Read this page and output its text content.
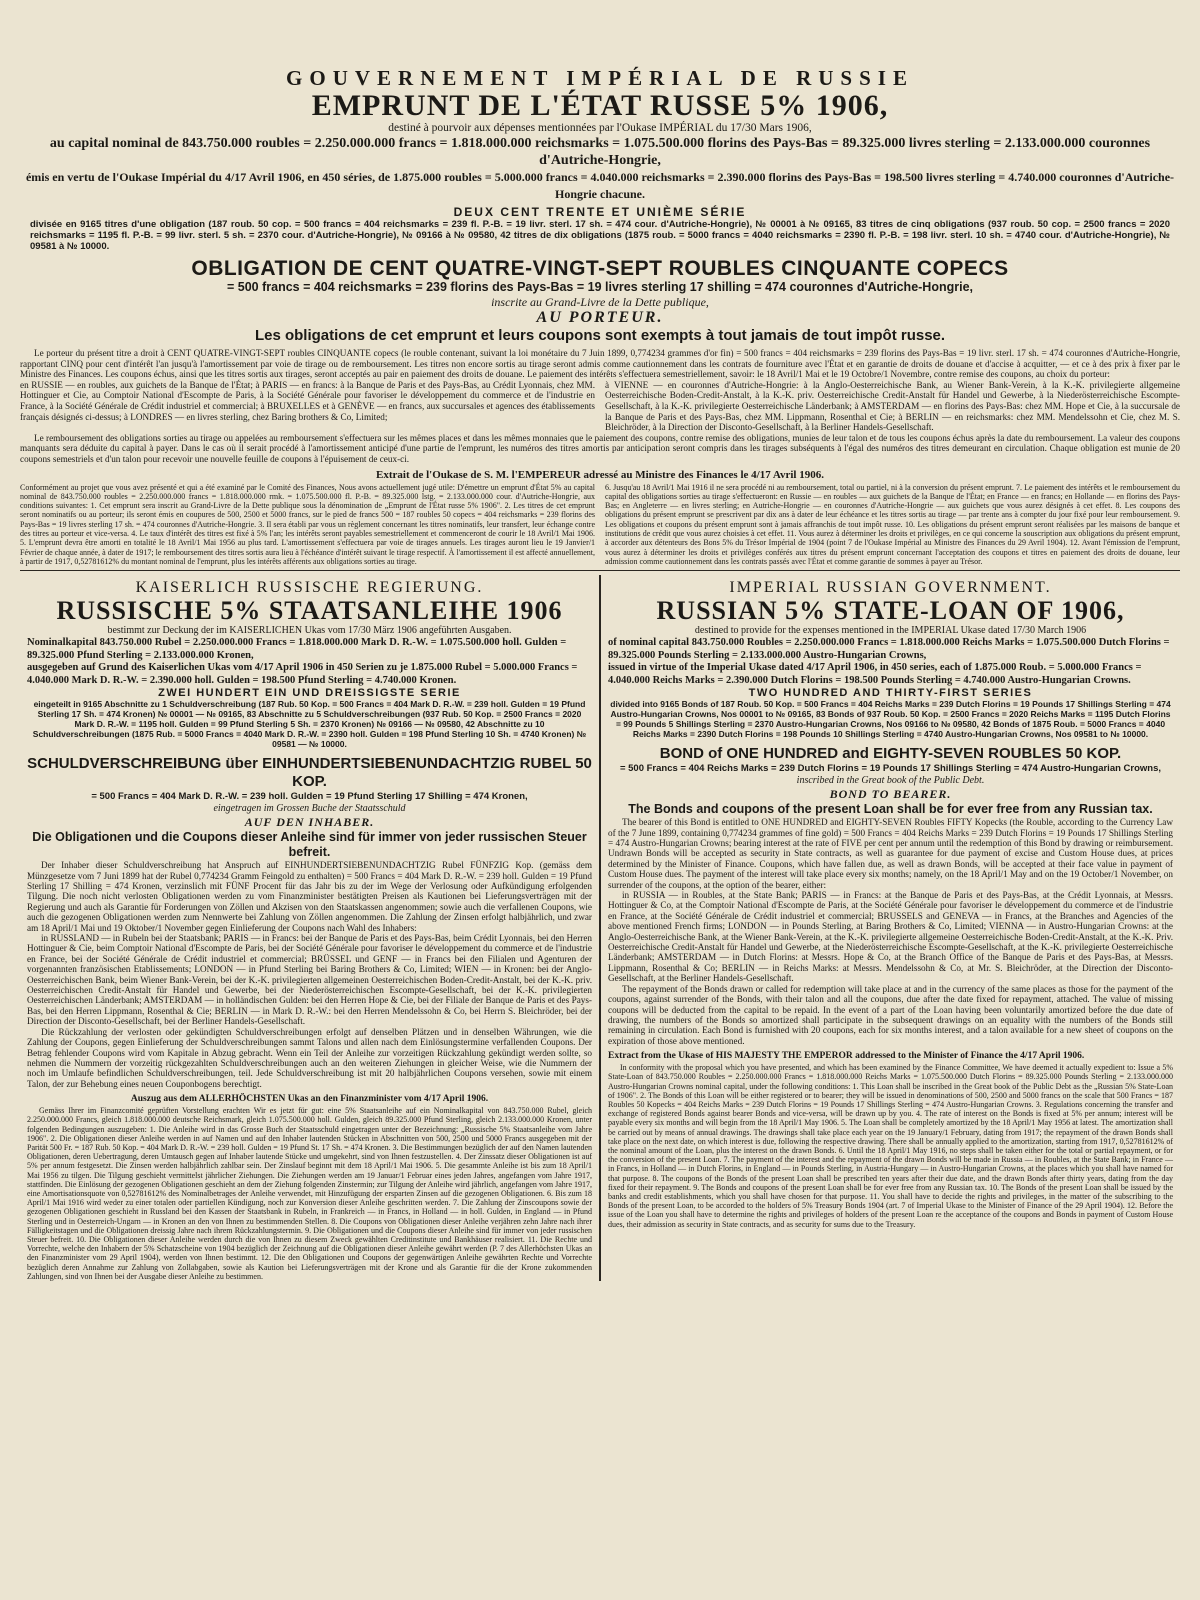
GOUVERNEMENT IMPÉRIAL DE RUSSIE
EMPRUNT DE L'ÉTAT RUSSE 5% 1906,
destiné à pourvoir aux dépenses mentionnées par l'Oukase IMPÉRIAL du 17/30 Mars 1906,
au capital nominal de 843.750.000 roubles = 2.250.000.000 francs = 1.818.000.000 reichsmarks = 1.075.500.000 florins des Pays-Bas = 89.325.000 livres sterling = 2.133.000.000 couronnes d'Autriche-Hongrie,
émis en vertu de l'Oukase Impérial du 4/17 Avril 1906, en 450 séries, de 1.875.000 roubles = 5.000.000 francs = 4.040.000 reichsmarks = 2.390.000 florins des Pays-Bas = 198.500 livres sterling = 4.740.000 couronnes d'Autriche-Hongrie chacune.
DEUX CENT TRENTE ET UNIÈME SÉRIE
divisée en 9165 titres d'une obligation (187 roub. 50 cop. = 500 francs = 404 reichsmarks = 239 fl. P.-B. = 19 livr. sterl. 17 sh. = 474 cour. d'Autriche-Hongrie), № 00001 à № 09165, 83 titres de cinq obligations (937 roub. 50 cop. = 2500 francs = 2020 reichsmarks = 1195 fl. P.-B. = 99 livr. sterl. 5 sh. = 2370 cour. d'Autriche-Hongrie), № 09166 à № 09580, 42 titres de dix obligations (1875 roub. = 5000 francs = 4040 reichsmarks = 2390 fl. P.-B. = 198 livr. sterl. 10 sh. = 4740 cour. d'Autriche-Hongrie), № 09581 à № 10000.
OBLIGATION DE CENT QUATRE-VINGT-SEPT ROUBLES CINQUANTE COPECS
= 500 francs = 404 reichsmarks = 239 florins des Pays-Bas = 19 livres sterling 17 shilling = 474 couronnes d'Autriche-Hongrie,
inscrite au Grand-Livre de la Dette publique,
AU PORTEUR.
Les obligations de cet emprunt et leurs coupons sont exempts à tout jamais de tout impôt russe.

Le porteur du présent titre a droit à CENT QUATRE-VINGT-SEPT roubles CINQUANTE copecs (le rouble contenant, suivant la loi monétaire du 7 Juin 1899, 0,774234 grammes d'or fin) = 500 francs = 404 reichsmarks = 239 florins des Pays-Bas = 19 livr. sterl. 17 sh. = 474 couronnes d'Autriche-Hongrie, rapportant CINQ pour cent d'intérêt l'an jusqu'à l'amortissement par voie de tirage ou de remboursement. Les titres non encore sortis au tirage seront admis comme cautionnement dans les contrats de fourniture avec l'État et en garantie de droits de douane et d'accise à acquitter, — et ce à des prix à fixer par le Ministre des Finances. Les coupons échus, ainsi que les titres sortis aux tirages, seront acceptés au pair en paiement des droits de douane. Le paiement des intérêts s'effectuera semestriellement, savoir: le 18 Avril/1 Mai et le 19 Octobre/1 Novembre, contre remise des coupons, au choix du porteur:

en RUSSIE — en roubles, aux guichets de la Banque de l'État; à PARIS — en francs: à la Banque de Paris et des Pays-Bas, au Crédit Lyonnais, chez MM. Hottinguer et Cie, au Comptoir National d'Escompte de Paris, à la Société Générale pour favoriser le développement du commerce et de l'industrie en France, à la Société Générale de Crédit industriel et commercial; à BRUXELLES et à GENÈVE — en francs, aux succursales et agences des établissements français désignés ci-dessus; à LONDRES — en livres sterling, chez Baring brothers & Co, Limited;
à VIENNE — en couronnes d'Autriche-Hongrie: à la Anglo-Oesterreichische Bank, au Wiener Bank-Verein, à la K.-K. privilegierte allgemeine Oesterreichische Boden-Credit-Anstalt, à la K.-K. priv. Oesterreichische Credit-Anstalt für Handel und Gewerbe, à la Niederösterreichische Escompte-Gesellschaft, à la K.-K. privilegierte Oesterreichische Länderbank; à AMSTERDAM — en florins des Pays-Bas: chez MM. Hope et Cie, à la succursale de la Banque de Paris et des Pays-Bas, chez MM. Lippmann, Rosenthal et Cie; à BERLIN — en reichsmarks: chez MM. Mendelssohn et Cie, chez M. S. Bleichröder, à la Direction der Disconto-Gesellschaft, à la Berliner Handels-Gesellschaft.

Le remboursement des obligations sorties au tirage ou appelées au remboursement s'effectuera sur les mêmes places et dans les mêmes monnaies que le paiement des coupons, contre remise des obligations, munies de leur talon et de tous les coupons échus après la date du remboursement. La valeur des coupons manquants sera déduite du capital à payer. Dans le cas où il serait procédé à l'amortissement anticipé d'une partie de l'emprunt, les numéros des titres amortis par anticipation seront compris dans les tirages subséquents à l'égal des numéros des titres demeurant en circulation. Chaque obligation est munie de 20 coupons semestriels et d'un talon pour recevoir une nouvelle feuille de coupons à l'épuisement de ceux-ci.

Extrait de l'Oukase de S. M. l'EMPEREUR adressé au Ministre des Finances le 4/17 Avril 1906.
Conformément au projet que vous avez présenté et qui a été examiné par le Comité des Finances, Nous avons actuellement jugé utile: D'émettre un emprunt d'État 5% au capital nominal de 843.750.000 roubles = 2.250.000.000 francs = 1.818.000.000 rmk. = 1.075.500.000 fl. P.-B. = 89.325.000 lstg. = 2.133.000.000 cour. d'Autriche-Hongrie, aux conditions suivantes: 1. Cet emprunt sera inscrit au Grand-Livre de la Dette publique sous la dénomination de „Emprunt de l'État russe 5% 1906". 2. Les titres de cet emprunt seront nominatifs ou au porteur; ils seront émis en coupures de 500, 2500 et 5000 francs, sur le pied de francs 500 = 187 roubles 50 copecs = 404 reichsmarks = 239 florins des Pays-Bas = 19 livres sterling 17 sh. = 474 couronnes d'Autriche-Hongrie. 3. Il sera établi par vous un règlement concernant les titres nominatifs, leur transfert, leur échange contre des titres au porteur et vice-versa. 4. Le taux d'intérêt des titres est fixé à 5% l'an; les intérêts seront payables semestriellement et commenceront de courir le 18 Avril/1 Mai 1906. 5. L'emprunt devra être amorti en totalité le 18 Avril/1 Mai 1956 au plus tard. L'amortissement s'effectuera par voie de tirages annuels. Les tirages auront lieu le 19 Janvier/1 Février de chaque année, à dater de 1917; le remboursement des titres sortis aura lieu à l'échéance d'intérêt suivant le tirage respectif. À l'amortissement il est affecté annuellement, à partir de 1917, 0,52781612% du montant nominal de l'emprunt, plus les intérêts afférents aux obligations sorties au tirage.
6. Jusqu'au 18 Avril/1 Mai 1916 il ne sera procédé ni au remboursement, total ou partiel, ni à la conversion du présent emprunt. 7. Le paiement des intérêts et le remboursement du capital des obligations sorties au tirage s'effectueront: en Russie — en roubles — aux guichets de la Banque de l'État; en France — en francs; en Hollande — en florins des Pays-Bas; en Angleterre — en livres sterling; en Autriche-Hongrie — en couronnes d'Autriche-Hongrie — aux guichets que vous aurez désignés à cet effet. 8. Les coupons des obligations du présent emprunt se prescrivent par dix ans à dater de leur échéance et les titres sortis au tirage — par trente ans à compter du jour fixé pour leur remboursement. 9. Les obligations et coupons du présent emprunt sont à jamais affranchis de tout impôt russe. 10. Les obligations du présent emprunt seront réalisées par les maisons de banque et institutions de crédit que vous aurez choisies à cet effet. 11. Vous aurez à déterminer les droits et privilèges, en ce qui concerne la souscription aux obligations du présent emprunt, à accorder aux détenteurs des Bons 5% du Trésor Impérial de 1904 (point 7 de l'Oukase Impérial au Ministre des Finances du 29 Avril 1904). 12. Avant l'émission de l'emprunt, vous aurez à déterminer les droits et privilèges conférés aux titres du présent emprunt concernant l'acceptation des coupons et titres en paiement des droits de douane, leur admission comme cautionnement dans les contrats passés avec l'État et comme garantie de sommes à payer au Trésor.
KAISERLICH RUSSISCHE REGIERUNG.
RUSSISCHE 5% STAATSANLEIHE 1906
bestimmt zur Deckung der im KAISERLICHEN Ukas vom 17/30 März 1906 angeführten Ausgaben.
Nominalkapital 843.750.000 Rubel = 2.250.000.000 Francs = 1.818.000.000 Mark D. R.-W. = 1.075.500.000 holl. Gulden = 89.325.000 Pfund Sterling = 2.133.000.000 Kronen,
ausgegeben auf Grund des Kaiserlichen Ukas vom 4/17 April 1906 in 450 Serien zu je 1.875.000 Rubel = 5.000.000 Francs = 4.040.000 Mark D. R.-W. = 2.390.000 holl. Gulden = 198.500 Pfund Sterling = 4.740.000 Kronen.
ZWEI HUNDERT EIN UND DREISSIGSTE SERIE
eingeteilt in 9165 Abschnitte zu 1 Schuldverschreibung (187 Rub. 50 Kop. = 500 Francs = 404 Mark D. R.-W. = 239 holl. Gulden = 19 Pfund Sterling 17 Sh. = 474 Kronen) № 00001 — № 09165, 83 Abschnitte zu 5 Schuldverschreibungen (937 Rub. 50 Kop. = 2500 Francs = 2020 Mark D. R.-W. = 1195 holl. Gulden = 99 Pfund Sterling 5 Sh. = 2370 Kronen) № 09166 — № 09580, 42 Abschnitte zu 10 Schuldverschreibungen (1875 Rub. = 5000 Francs = 4040 Mark D. R.-W. = 2390 holl. Gulden = 198 Pfund Sterling 10 Sh. = 4740 Kronen) № 09581 — № 10000.
SCHULDVERSCHREIBUNG über EINHUNDERTSIEBENUNDACHTZIG RUBEL 50 KOP.
= 500 Francs = 404 Mark D. R.-W. = 239 holl. Gulden = 19 Pfund Sterling 17 Shilling = 474 Kronen,
eingetragen im Grossen Buche der Staatsschuld
AUF DEN INHABER.
Die Obligationen und die Coupons dieser Anleihe sind für immer von jeder russischen Steuer befreit.

Der Inhaber dieser Schuldverschreibung hat Anspruch auf EINHUNDERTSIEBENUNDACHTZIG Rubel FÜNFZIG Kop. (gemäss dem Münzgesetze vom 7 Juni 1899 hat der Rubel 0,774234 Gramm Feingold zu enthalten) = 500 Francs = 404 Mark D. R.-W. = 239 holl. Gulden = 19 Pfund Sterling 17 Shilling = 474 Kronen, verzinslich mit FÜNF Procent für das Jahr bis zu der im Wege der Verlosung oder Aufkündigung erfolgenden Tilgung. Die noch nicht verlosten Obligationen werden zu vom Finanzminister bestätigten Preisen als Kautionen bei Lieferungsverträgen mit der Regierung und auch als Garantie für Forderungen von Zöllen und Akzisen von den Staatskassen angenommen; sowie auch die verfallenen Coupons, wie auch die gezogenen Obligationen werden zum Nennwerte bei Zahlung von Zöllen angenommen. Die Zahlung der Zinsen erfolgt halbjährlich, und zwar am 18 April/1 Mai und 19 Oktober/1 November gegen Einlieferung der Coupons nach Wahl des Inhabers:

in RUSSLAND — in Rubeln bei der Staatsbank; PARIS — in Francs: bei der Banque de Paris et des Pays-Bas, beim Crédit Lyonnais, bei den Herren Hottinguer & Cie, beim Comptoir National d'Escompte de Paris, bei der Société Générale pour favoriser le développement du commerce et de l'industrie en France, bei der Société Générale de Crédit industriel et commercial; BRÜSSEL und GENF — in Francs bei den Filialen und Agenturen der vorgenannten französischen Etablissements; LONDON — in Pfund Sterling bei Baring Brothers & Co, Limited; WIEN — in Kronen: bei der Anglo-Oesterreichischen Bank, beim Wiener Bank-Verein, bei der K.-K. privilegierten allgemeinen Oesterreichischen Boden-Credit-Anstalt, bei der K.-K. priv. Oesterreichischen Credit-Anstalt für Handel und Gewerbe, bei der Niederösterreichischen Escompte-Gesellschaft, bei der K.-K. privilegierten Oesterreichischen Länderbank; AMSTERDAM — in holländischen Gulden: bei den Herren Hope & Cie, bei der Filiale der Banque de Paris et des Pays-Bas, bei den Herren Lippmann, Rosenthal & Cie; BERLIN — in Mark D. R.-W.: bei den Herren Mendelssohn & Co, bei Herrn S. Bleichröder, bei der Direction der Disconto-Gesellschaft, bei der Berliner Handels-Gesellschaft.

Die Rückzahlung der verlosten oder gekündigten Schuldverschreibungen erfolgt auf denselben Plätzen und in denselben Währungen, wie die Zahlung der Coupons, gegen Einlieferung der Schuldverschreibungen sammt Talons und allen nach dem Einlösungstermine verfallenden Coupons. Der Betrag fehlender Coupons wird vom Kapitale in Abzug gebracht. Wenn ein Teil der Anleihe zur vorzeitigen Rückzahlung gekündigt werden sollte, so nehmen die Nummern der vorzeitig rückgezahlten Schuldverschreibungen auch an den weiteren Ziehungen in gleicher Weise, wie die Nummern der noch im Umlaufe befindlichen Schuldverschreibungen, teil. Jede Schuldverschreibung ist mit 20 halbjährlichen Coupons versehen, sowie mit einem Talon, der zur Behebung eines neuen Couponbogens berechtigt.

Auszug aus dem ALLERHÖCHSTEN Ukas an den Finanzminister vom 4/17 April 1906.

Gemäss Ihrer im Finanzcomité geprüften Vorstellung erachten Wir es jetzt für gut: eine 5% Staatsanleihe auf ein Nominalkapital von 843.750.000 Rubel, gleich 2.250.000.000 Francs, gleich 1.818.000.000 deutsche Reichsmark, gleich 1.075.500.000 holl. Gulden, gleich 89.325.000 Pfund Sterling, gleich 2.133.000.000 Kronen, unter folgenden Bedingungen auszugeben: 1. Die Anleihe wird in das Grosse Buch der Staatsschuld eingetragen unter der Bezeichnung: „Russische 5% Staatsanleihe vom Jahre 1906". 2. Die Obligationen dieser Anleihe werden in auf Namen und auf den Inhaber lautenden Stücken in Abschnitten von 500, 2500 und 5000 Francs ausgegeben mit der Parität 500 Fr. = 187 Rub. 50 Kop. = 404 Mark D. R.-W. = 239 holl. Gulden = 19 Pfund St. 17 Sh. = 474 Kronen. 3. Die Bestimmungen bezüglich der auf den Namen lautenden Obligationen, deren Uebertragung, deren Umtausch gegen auf Inhaber lautende Stücke und umgekehrt, sind von Ihnen festzustellen. 4. Der Zinssatz dieser Obligationen ist auf 5% per annum festgesetzt. Die Zinsen werden halbjährlich zahlbar sein. Der Zinslauf beginnt mit dem 18 April/1 Mai 1906. 5. Die gesammte Anleihe ist bis zum 18 April/1 Mai 1956 zu tilgen. Die Tilgung geschieht vermittelst jährlicher Ziehungen. Die Ziehungen werden am 19 Januar/1 Februar eines jeden Jahres, angefangen vom Jahre 1917, stattfinden. Die Einlösung der gezogenen Obligationen geschieht an dem der Ziehung folgenden Zinstermin; zur Tilgung der Anleihe wird jährlich, angefangen vom Jahre 1917, eine Amortisationsquote von 0,52781612% des Nominalbetrages der Anleihe verwendet, mit Hinzufügung der ersparten Zinsen auf die gezogenen Obligationen. 6. Bis zum 18 April/1 Mai 1916 wird weder zu einer totalen oder partiellen Kündigung, noch zur Konversion dieser Anleihe geschritten werden. 7. Die Zahlung der Zinscoupons sowie der gezogenen Obligationen geschieht in Russland bei den Kassen der Staatsbank in Rubeln, in Frankreich — in Francs, in Holland — in holl. Gulden, in England — in Pfund Sterling und in Oesterreich-Ungarn — in Kronen an den von Ihnen zu bestimmenden Stellen. 8. Die Coupons von Obligationen dieser Anleihe verjähren zehn Jahre nach ihrer Fälligkeitstagen und die Obligationen dreissig Jahre nach ihrem Rückzahlungstermin. 9. Die Obligationen und die Coupons dieser Anleihe sind für immer von jeder russischen Steuer befreit. 10. Die Obligationen dieser Anleihe werden durch die von Ihnen zu diesem Zweck gewählten Creditinstitute und Bankhäuser realisiert. 11. Die Rechte und Vorrechte, welche den Inhabern der 5% Schatzscheine von 1904 bezüglich der Zeichnung auf die Obligationen dieser Anleihe gewährt werden (P. 7 des Allerhöchsten Ukas an den Finanzminister vom 29 April 1904), werden von Ihnen bestimmt. 12. Die den Obligationen und Coupons der gegenwärtigen Anleihe gewährten Rechte und Vorrechte bezüglich deren Annahme zur Zahlung von Zollabgaben, sowie als Kaution bei Lieferungsverträgen mit der Krone und als Garantie für die der Krone zukommenden Zahlungen, sind von Ihnen bei der Ausgabe dieser Anleihe zu bestimmen.

IMPERIAL RUSSIAN GOVERNMENT.
RUSSIAN 5% STATE-LOAN OF 1906,
destined to provide for the expenses mentioned in the IMPERIAL Ukase dated 17/30 March 1906
of nominal capital 843.750.000 Roubles = 2.250.000.000 Francs = 1.818.000.000 Reichs Marks = 1.075.500.000 Dutch Florins = 89.325.000 Pounds Sterling = 2.133.000.000 Austro-Hungarian Crowns,
issued in virtue of the Imperial Ukase dated 4/17 April 1906, in 450 series, each of 1.875.000 Roub. = 5.000.000 Francs = 4.040.000 Reichs Marks = 2.390.000 Dutch Florins = 198.500 Pounds Sterling = 4.740.000 Austro-Hungarian Crowns.
TWO HUNDRED AND THIRTY-FIRST SERIES
divided into 9165 Bonds of 187 Roub. 50 Kop. = 500 Francs = 404 Reichs Marks = 239 Dutch Florins = 19 Pounds 17 Shillings Sterling = 474 Austro-Hungarian Crowns, Nos 00001 to № 09165, 83 Bonds of 937 Roub. 50 Kop. = 2500 Francs = 2020 Reichs Marks = 1195 Dutch Florins = 99 Pounds 5 Shillings Sterling = 2370 Austro-Hungarian Crowns, Nos 09166 to № 09580, 42 Bonds of 1875 Roub. = 5000 Francs = 4040 Reichs Marks = 2390 Dutch Florins = 198 Pounds 10 Shillings Sterling = 4740 Austro-Hungarian Crowns, Nos 09581 to № 10000.
BOND of ONE HUNDRED and EIGHTY-SEVEN ROUBLES 50 KOP.
= 500 Francs = 404 Reichs Marks = 239 Dutch Florins = 19 Pounds 17 Shillings Sterling = 474 Austro-Hungarian Crowns,
inscribed in the Great book of the Public Debt.
BOND TO BEARER.
The Bonds and coupons of the present Loan shall be for ever free from any Russian tax.

The bearer of this Bond is entitled to ONE HUNDRED and EIGHTY-SEVEN Roubles FIFTY Kopecks (the Rouble, according to the Currency Law of the 7 June 1899, containing 0,774234 grammes of fine gold) = 500 Francs = 404 Reichs Marks = 239 Dutch Florins = 19 Pounds 17 Shillings Sterling = 474 Austro-Hungarian Crowns; bearing interest at the rate of FIVE per cent per annum until the redemption of this Bond by drawing or reimbursement. Undrawn Bonds will be accepted as security in State contracts, as well as guarantee for due payment of excise and Custom House dues, at prices determined by the Minister of Finance. Coupons, which have fallen due, as well as drawn Bonds, will be accepted at their face value in payment of Custom House dues. The payment of the interest will take place every six months; namely, on the 18 April/1 May and on the 19 October/1 November, on surrender of the coupons, at the option of the bearer, either:

in RUSSIA — in Roubles, at the State Bank; PARIS — in Francs: at the Banque de Paris et des Pays-Bas, at the Crédit Lyonnais, at Messrs. Hottinguer & Co, at the Comptoir National d'Escompte de Paris, at the Société Générale pour favoriser le développement du commerce et de l'industrie en France, at the Société Générale de Crédit industriel et commercial; BRUSSELS and GENEVA — in Francs, at the Branches and Agencies of the above mentioned French firms; LONDON — in Pounds Sterling, at Baring Brothers & Co, Limited; VIENNA — in Austro-Hungarian Crowns: at the Anglo-Oesterreichische Bank, at the Wiener Bank-Verein, at the K.-K. privilegierte allgemeine Oesterreichische Boden-Credit-Anstalt, at the K.-K. Priv. Oesterreichische Credit-Anstalt für Handel und Gewerbe, at the Niederösterreichische Escompte-Gesellschaft, at the K.-K. privilegierte Oesterreichische Länderbank; AMSTERDAM — in Dutch Florins: at Messrs. Hope & Co, at the Branch Office of the Banque de Paris et des Pays-Bas, at Messrs. Lippmann, Rosenthal & Co; BERLIN — in Reichs Marks: at Messrs. Mendelssohn & Co, at Mr. S. Bleichröder, at the Direction der Disconto-Gesellschaft, at the Berliner Handels-Gesellschaft.

The repayment of the Bonds drawn or called for redemption will take place at and in the currency of the same places as those for the payment of the coupons, against surrender of the Bonds, with their talon and all the coupons, due after the date fixed for repayment, attached. The value of missing coupons will be deducted from the capital to be repaid. In the event of a part of the Loan having been voluntarily amortized before the due date of drawing, the numbers of the Bonds so amortized shall participate in the subsequent drawings on an equality with the numbers of the Bonds still remaining in circulation. Each Bond is furnished with 20 coupons, each for six months interest, and a talon available for a new sheet of coupons on the expiration of those above mentioned.

Extract from the Ukase of HIS MAJESTY THE EMPEROR addressed to the Minister of Finance the 4/17 April 1906.

In conformity with the proposal which you have presented, and which has been examined by the Finance Committee, We have deemed it actually expedient to: Issue a 5% State-Loan of 843.750.000 Roubles = 2.250.000.000 Francs = 1.818.000.000 Reichs Marks = 1.075.500.000 Dutch Florins = 89.325.000 Pounds Sterling = 2.133.000.000 Austro-Hungarian Crowns nominal capital, under the following conditions: 1. This Loan shall be inscribed in the Great book of the Public Debt as the „Russian 5% State-Loan of 1906". 2. The Bonds of this Loan will be either registered or to bearer; they will be issued in denominations of 500, 2500 and 5000 francs on the scale that 500 Francs = 187 Roubles 50 Kopecks = 404 Reichs Marks = 239 Dutch Florins = 19 Pounds 17 Shillings Sterling = 474 Austro-Hungarian Crowns. 3. Regulations concerning the transfer and exchange of registered Bonds against bearer Bonds and vice-versa, will be drawn up by you. 4. The rate of interest on the Bonds is fixed at 5% per annum; interest will be payable every six months and will begin from the 18 April/1 May 1906. 5. The Loan shall be completely amortized by the 18 April/1 May 1956 at latest. The amortization shall be carried out by means of annual drawings. The drawings shall take place each year on the 19 January/1 February, dating from 1917; the repayment of the drawn Bonds shall take place on the next date, on which interest is due, following the respective drawing. There shall be annually applied to the amortization, starting from 1917, 0,52781612% of the nominal amount of the Loan, plus the interest on the drawn Bonds. 6. Until the 18 April/1 May 1916, no steps shall be taken either for the total or partial repayment, or for the conversion of the present Loan. 7. The payment of the interest and the repayment of the drawn Bonds will be made in Russia — in Roubles, at the State Bank; in France — in Francs, in Holland — in Dutch Florins, in England — in Pounds Sterling, in Austria-Hungary — in Austro-Hungarian Crowns, at the places which you shall have named for that purpose. 8. The coupons of the Bonds of the present Loan shall be prescribed ten years after their due date, and the drawn Bonds after thirty years, dating from the day fixed for their repayment. 9. The Bonds and coupons of the present Loan shall be for ever free from any Russian tax. 10. The Bonds of the present Loan shall be issued by the banks and credit establishments, which you shall have chosen for that purpose. 11. You shall have to decide the rights and privileges, in the matter of the subscribing to the Bonds of the present Loan, to be accorded to the holders of 5% Treasury Bonds 1904 (art. 7 of Imperial Ukase to the Minister of Finance of the 29 April 1904). 12. Before the issue of the Loan you shall have to determine the rights and privileges of holders of the present Loan re the acceptance of the coupons and Bonds in payment of Custom House dues, their admission as security in State contracts, and as security for sums due to the Treasury.
